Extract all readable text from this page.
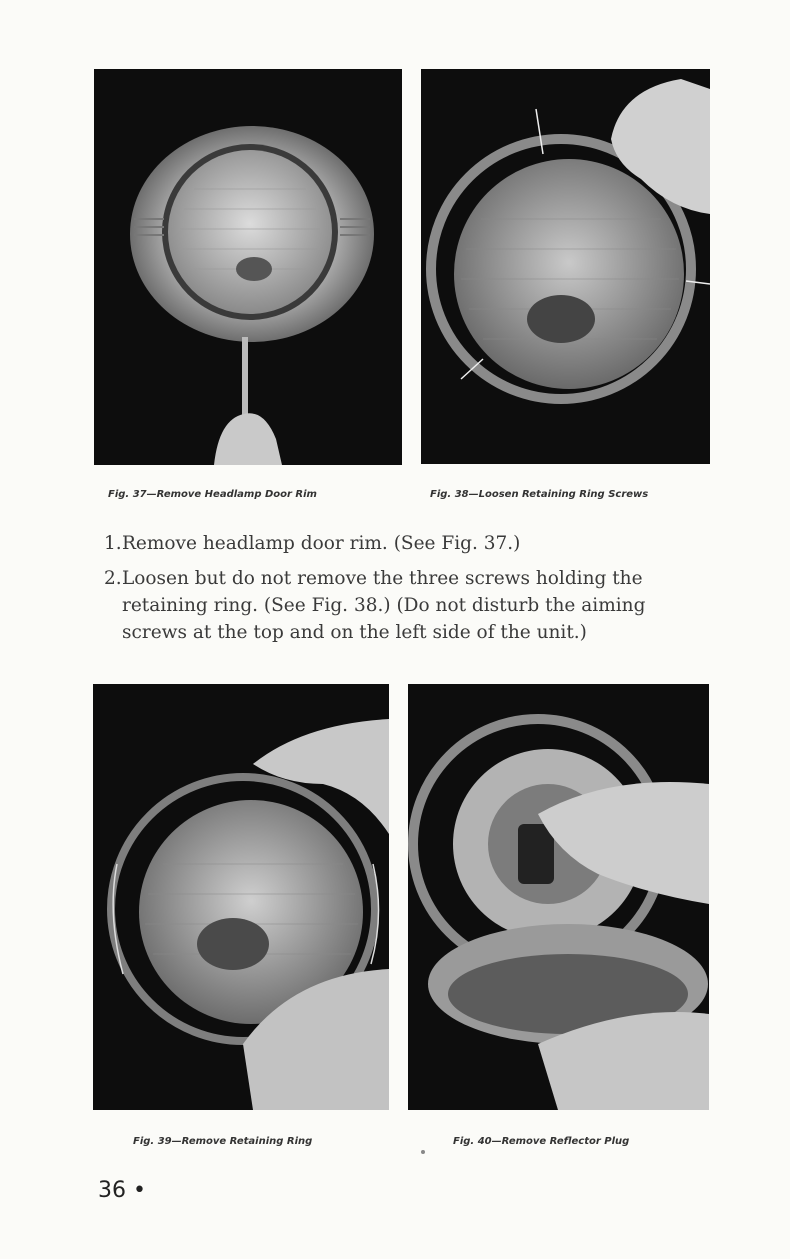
Fig. 37—Remove Headlamp Door Rim	Fig. 38—Loosen Retaining Ring Screws
1. Remove headlamp door rim. (See Fig. 37.)
2. Loosen but do not remove the three screws holding the retaining ring. (See Fig. 38.) (Do not disturb the aiming screws at the top and on the left side of the unit.)
Fig. 39—Remove Retaining Ring	Fig. 40—Remove Reflector Plug
36 •
